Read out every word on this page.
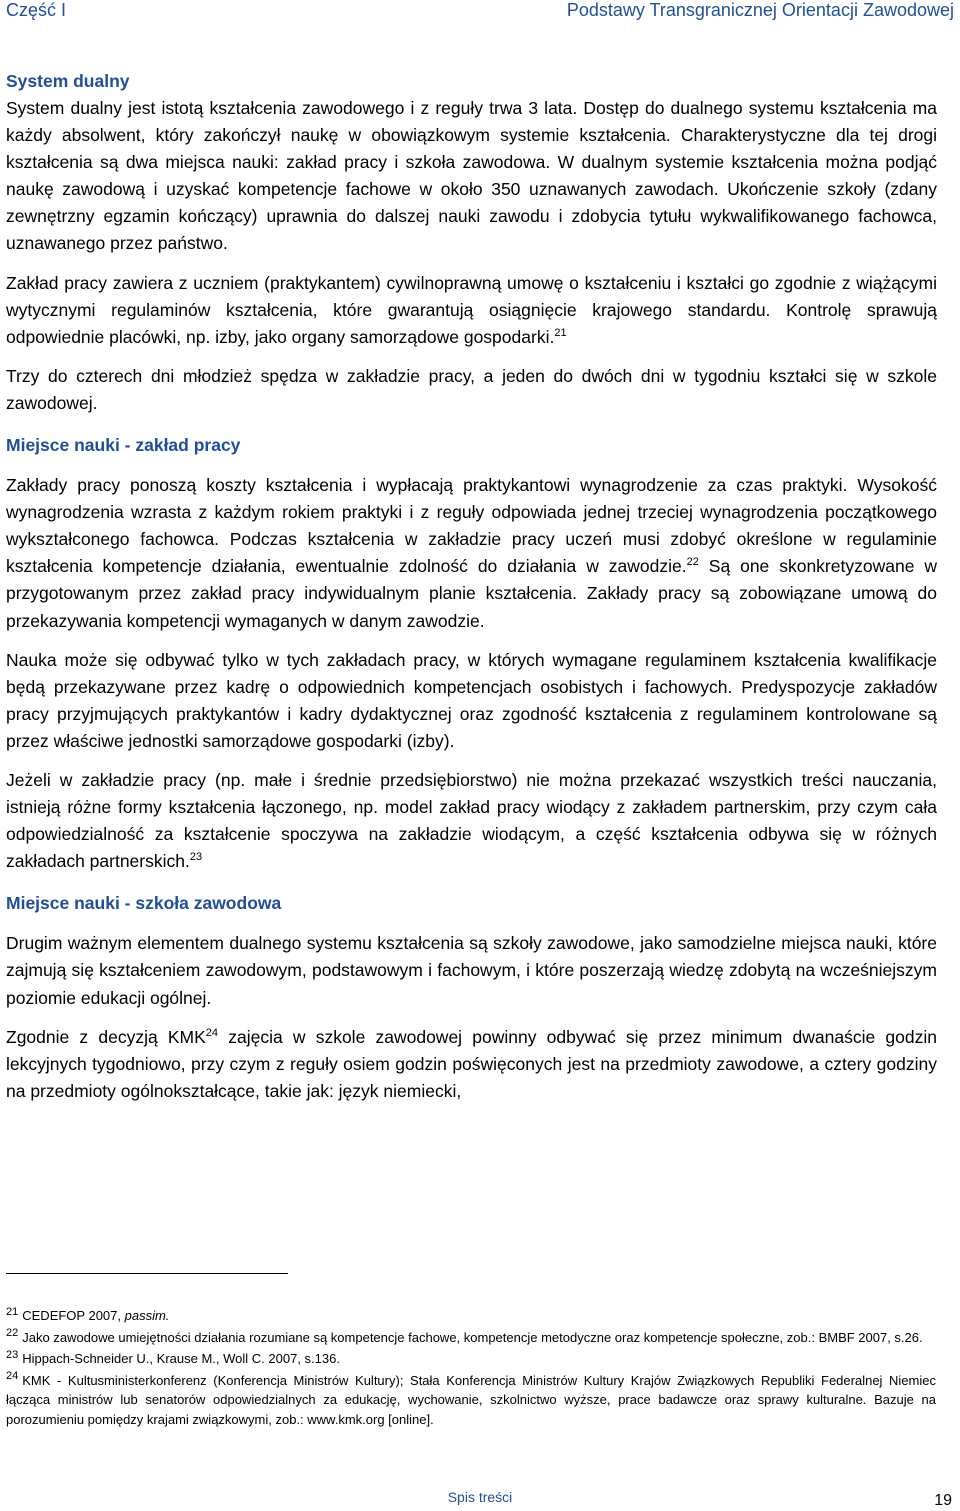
Część I	Podstawy Transgranicznej Orientacji Zawodowej
System dualny

System dualny jest istotą kształcenia zawodowego i z reguły trwa 3 lata. Dostęp do dualnego systemu kształcenia ma każdy absolwent, który zakończył naukę w obowiązkowym systemie kształcenia. Charakterystyczne dla tej drogi kształcenia są dwa miejsca nauki: zakład pracy i szkoła zawodowa. W dualnym systemie kształcenia można podjąć naukę zawodową i uzyskać kompetencje fachowe w około 350 uznawanych zawodach. Ukończenie szkoły (zdany zewnętrzny egzamin kończący) uprawnia do dalszej nauki zawodu i zdobycia tytułu wykwalifikowanego fachowca, uznawanego przez państwo.

Zakład pracy zawiera z uczniem (praktykantem) cywilnoprawną umowę o kształceniu i kształci go zgodnie z wiążącymi wytycznymi regulaminów kształcenia, które gwarantują osiągnięcie krajowego standardu. Kontrolę sprawują odpowiednie placówki, np. izby, jako organy samorządowe gospodarki.$^{21}$

Trzy do czterech dni młodzież spędza w zakładzie pracy, a jeden do dwóch dni w tygodniu kształci się w szkole zawodowej.

Miejsce nauki - zakład pracy

Zakłady pracy ponoszą koszty kształcenia i wypłacają praktykantowi wynagrodzenie za czas praktyki. Wysokość wynagrodzenia wzrasta z każdym rokiem praktyki i z reguły odpowiada jednej trzeciej wynagrodzenia początkowego wykształconego fachowca. Podczas kształcenia w zakładzie pracy uczeń musi zdobyć określone w regulaminie kształcenia kompetencje działania, ewentualnie zdolność do działania w zawodzie.$^{22}$ Są one skonkretyzowane w przygotowanym przez zakład pracy indywidualnym planie kształcenia. Zakłady pracy są zobowiązane umową do przekazywania kompetencji wymaganych w danym zawodzie.

Nauka może się odbywać tylko w tych zakładach pracy, w których wymagane regulaminem kształcenia kwalifikacje będą przekazywane przez kadrę o odpowiednich kompetencjach osobistych i fachowych. Predyspozycje zakładów pracy przyjmujących praktykantów i kadry dydaktycznej oraz zgodność kształcenia z regulaminem kontrolowane są przez właściwe jednostki samorządowe gospodarki (izby).

Jeżeli w zakładzie pracy (np. małe i średnie przedsiębiorstwo) nie można przekazać wszystkich treści nauczania, istnieją różne formy kształcenia łączonego, np. model zakład pracy wiodący z zakładem partnerskim, przy czym cała odpowiedzialność za kształcenie spoczywa na zakładzie wiodącym, a część kształcenia odbywa się w różnych zakładach partnerskich.$^{23}$

Miejsce nauki - szkoła zawodowa

Drugim ważnym elementem dualnego systemu kształcenia są szkoły zawodowe, jako samodzielne miejsca nauki, które zajmują się kształceniem zawodowym, podstawowym i fachowym, i które poszerzają wiedzę zdobytą na wcześniejszym poziomie edukacji ogólnej.

Zgodnie z decyzją KMK$^{24}$ zajęcia w szkole zawodowej powinny odbywać się przez minimum dwanaście godzin lekcyjnych tygodniowo, przy czym z reguły osiem godzin poświęconych jest na przedmioty zawodowe, a cztery godziny na przedmioty ogólnokształcące, takie jak: język niemiecki,

$^{21}$ CEDEFOP 2007, passim.
$^{22}$ Jako zawodowe umiejętności działania rozumiane są kompetencje fachowe, kompetencje metodyczne oraz kompetencje społeczne, zob.: BMBF 2007, s.26.
$^{23}$ Hippach-Schneider U., Krause M., Woll C. 2007, s.136.
$^{24}$ KMK - Kultusministerkonferenz (Konferencja Ministrów Kultury); Stała Konferencja Ministrów Kultury Krajów Związkowych Republiki Federalnej Niemiec łącząca ministrów lub senatorów odpowiedzialnych za edukację, wychowanie, szkolnictwo wyższe, prace badawcze oraz sprawy kulturalne. Bazuje na porozumieniu pomiędzy krajami związkowymi, zob.: www.kmk.org [online].
Spis treści	19
